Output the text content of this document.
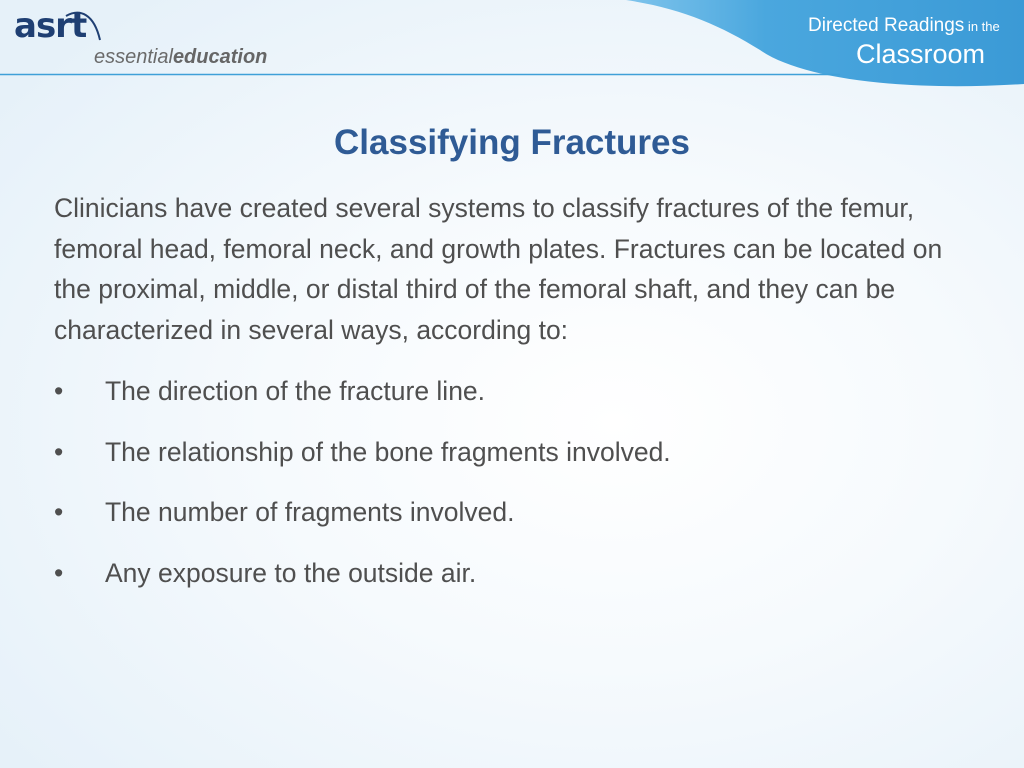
asrt
essentialeducation
Directed Readings in the
Classroom
Classifying Fractures

Clinicians have created several systems to classify fractures of the femur, femoral head, femoral neck, and growth plates. Fractures can be located on the proximal, middle, or distal third of the femoral shaft, and they can be characterized in several ways, according to:

• The direction of the fracture line.
• The relationship of the bone fragments involved.
• The number of fragments involved.
• Any exposure to the outside air.
